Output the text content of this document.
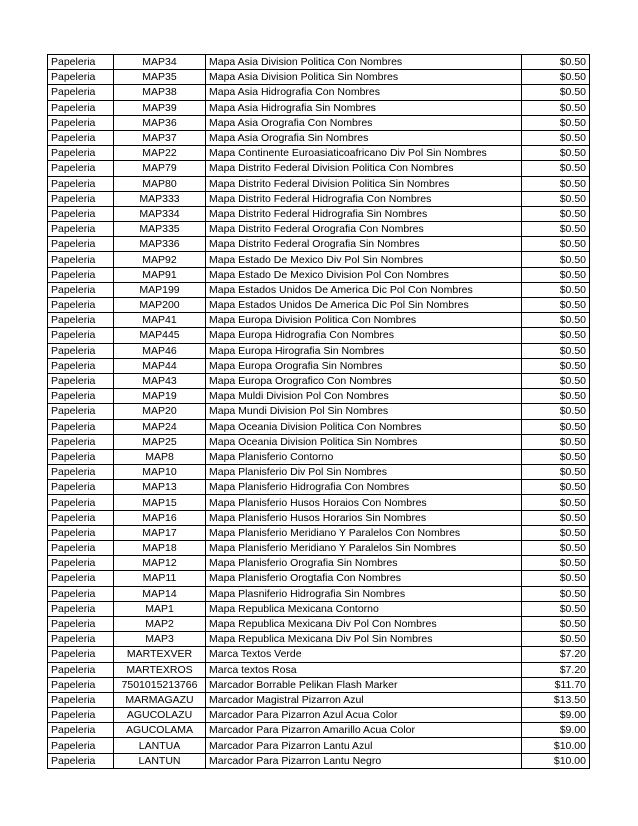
Papeleria	MAP34	Mapa Asia Division Politica Con Nombres	$0.50
Papeleria	MAP35	Mapa Asia Division Politica Sin Nombres	$0.50
Papeleria	MAP38	Mapa Asia Hidrografia Con Nombres	$0.50
Papeleria	MAP39	Mapa Asia Hidrografia Sin Nombres	$0.50
Papeleria	MAP36	Mapa Asia Orografia Con Nombres	$0.50
Papeleria	MAP37	Mapa Asia Orografia Sin Nombres	$0.50
Papeleria	MAP22	Mapa Continente Euroasiaticoafricano Div Pol Sin Nombres	$0.50
Papeleria	MAP79	Mapa Distrito Federal Division Politica Con Nombres	$0.50
Papeleria	MAP80	Mapa Distrito Federal Division Politica Sin Nombres	$0.50
Papeleria	MAP333	Mapa Distrito Federal Hidrografia Con Nombres	$0.50
Papeleria	MAP334	Mapa Distrito Federal Hidrografia Sin Nombres	$0.50
Papeleria	MAP335	Mapa Distrito Federal Orografia Con Nombres	$0.50
Papeleria	MAP336	Mapa Distrito Federal Orografia Sin Nombres	$0.50
Papeleria	MAP92	Mapa Estado De Mexico Div Pol Sin Nombres	$0.50
Papeleria	MAP91	Mapa Estado De Mexico Division Pol Con Nombres	$0.50
Papeleria	MAP199	Mapa Estados Unidos De America Dic Pol Con Nombres	$0.50
Papeleria	MAP200	Mapa Estados Unidos De America Dic Pol Sin Nombres	$0.50
Papeleria	MAP41	Mapa Europa Division Politica Con Nombres	$0.50
Papeleria	MAP445	Mapa Europa Hidrografia Con Nombres	$0.50
Papeleria	MAP46	Mapa Europa Hirografia Sin Nombres	$0.50
Papeleria	MAP44	Mapa Europa Orografia Sin Nombres	$0.50
Papeleria	MAP43	Mapa Europa Orografico Con Nombres	$0.50
Papeleria	MAP19	Mapa Muldi Division Pol Con Nombres	$0.50
Papeleria	MAP20	Mapa Mundi Division Pol Sin Nombres	$0.50
Papeleria	MAP24	Mapa Oceania Division Politica Con Nombres	$0.50
Papeleria	MAP25	Mapa Oceania Division Politica Sin Nombres	$0.50
Papeleria	MAP8	Mapa Planisferio Contorno	$0.50
Papeleria	MAP10	Mapa Planisferio Div Pol Sin Nombres	$0.50
Papeleria	MAP13	Mapa Planisferio Hidrografia Con Nombres	$0.50
Papeleria	MAP15	Mapa Planisferio Husos Horaios Con Nombres	$0.50
Papeleria	MAP16	Mapa Planisferio Husos Horarios Sin Nombres	$0.50
Papeleria	MAP17	Mapa Planisferio Meridiano Y Paralelos Con Nombres	$0.50
Papeleria	MAP18	Mapa Planisferio Meridiano Y Paralelos Sin Nombres	$0.50
Papeleria	MAP12	Mapa Planisferio Orografia Sin Nombres	$0.50
Papeleria	MAP11	Mapa Planisferio Orogtafia Con Nombres	$0.50
Papeleria	MAP14	Mapa Plasniferio Hidrografia Sin Nombres	$0.50
Papeleria	MAP1	Mapa Republica Mexicana Contorno	$0.50
Papeleria	MAP2	Mapa Republica Mexicana Div Pol Con Nombres	$0.50
Papeleria	MAP3	Mapa Republica Mexicana Div Pol Sin Nombres	$0.50
Papeleria	MARTEXVER	Marca Textos Verde	$7.20
Papeleria	MARTEXROS	Marca textos Rosa	$7.20
Papeleria	7501015213766	Marcador Borrable Pelikan Flash Marker	$11.70
Papeleria	MARMAGAZU	Marcador Magistral Pizarron Azul	$13.50
Papeleria	AGUCOLAZU	Marcador Para Pizarron Azul Acua Color	$9.00
Papeleria	AGUCOLAMA	Marcador Para Pizarron Amarillo Acua Color	$9.00
Papeleria	LANTUA	Marcador Para Pizarron Lantu Azul	$10.00
Papeleria	LANTUN	Marcador Para Pizarron Lantu Negro	$10.00
